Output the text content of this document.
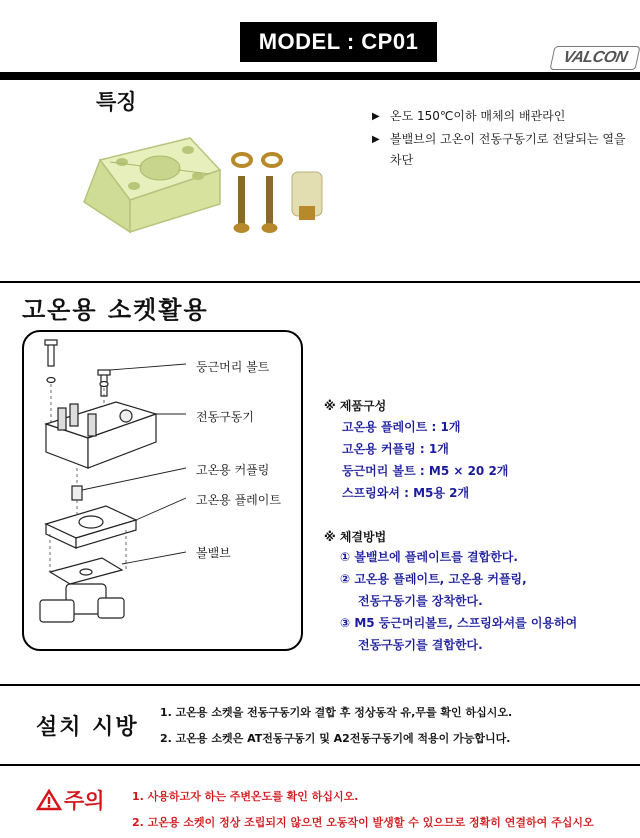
MODEL : CP01
VALCON
특징
▶ 온도 150℃이하 매체의 배관라인
▶ 볼밸브의 고온이 전동구동기로 전달되는 열을 차단
고온용 소켓활용
둥근머리 볼트
전동구동기
고온용 커플링
고온용 플레이트
볼밸브
※ 제품구성
고온용 플레이트 : 1개
고온용 커플링 : 1개
둥근머리 볼트 : M5 × 20 2개
스프링와셔 : M5용 2개
※ 체결방법
① 볼밸브에 플레이트를 결합한다.
② 고온용 플레이트, 고온용 커플링,
전동구동기를 장착한다.
③ M5 둥근머리볼트, 스프링와셔를 이용하여
전동구동기를 결합한다.
설치 시방
1. 고온용 소켓을 전동구동기와 결합 후 정상동작 유,무를 확인 하십시오.
2. 고온용 소켓은 AT전동구동기 및 A2전동구동기에 적용이 가능합니다.
주의 1. 사용하고자 하는 주변온도를 확인 하십시오.
2. 고온용 소켓이 정상 조립되지 않으면 오동작이 발생할 수 있으므로 정확히 연결하여 주십시오
